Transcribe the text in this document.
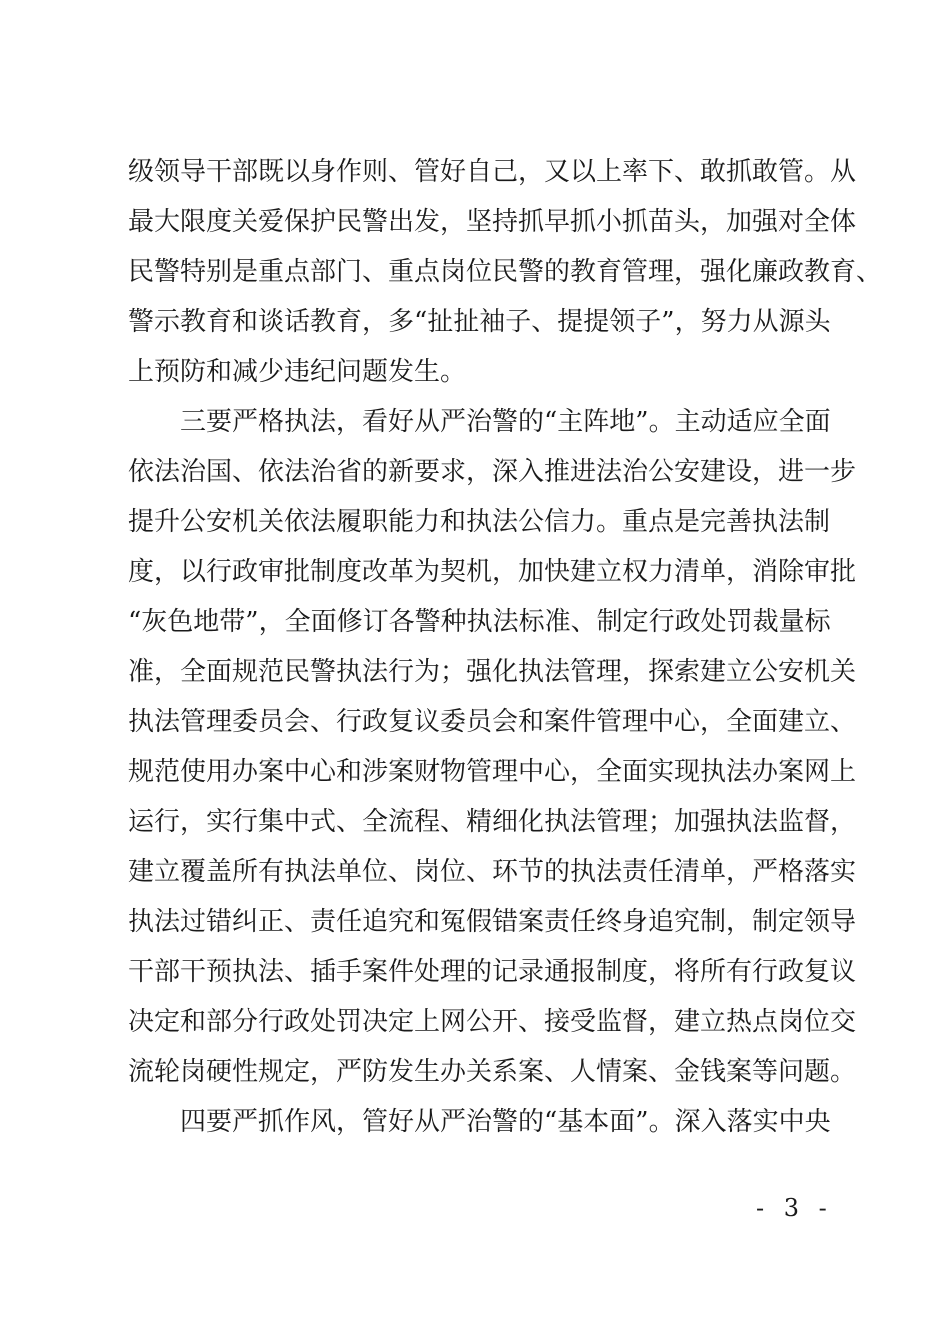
级领导干部既以身作则、管好自己，又以上率下、敢抓敢管。从
最大限度关爱保护民警出发，坚持抓早抓小抓苗头，加强对全体
民警特别是重点部门、重点岗位民警的教育管理，强化廉政教育、
警示教育和谈话教育，多“扯扯袖子、提提领子”，努力从源头
上预防和减少违纪问题发生。
三要严格执法，看好从严治警的“主阵地”。主动适应全面
依法治国、依法治省的新要求，深入推进法治公安建设，进一步
提升公安机关依法履职能力和执法公信力。重点是完善执法制
度，以行政审批制度改革为契机，加快建立权力清单，消除审批
“灰色地带”，全面修订各警种执法标准、制定行政处罚裁量标
准，全面规范民警执法行为；强化执法管理，探索建立公安机关
执法管理委员会、行政复议委员会和案件管理中心，全面建立、
规范使用办案中心和涉案财物管理中心，全面实现执法办案网上
运行，实行集中式、全流程、精细化执法管理；加强执法监督，
建立覆盖所有执法单位、岗位、环节的执法责任清单，严格落实
执法过错纠正、责任追究和冤假错案责任终身追究制，制定领导
干部干预执法、插手案件处理的记录通报制度，将所有行政复议
决定和部分行政处罚决定上网公开、接受监督，建立热点岗位交
流轮岗硬性规定，严防发生办关系案、人情案、金钱案等问题。
四要严抓作风，管好从严治警的“基本面”。深入落实中央
- 3 -
